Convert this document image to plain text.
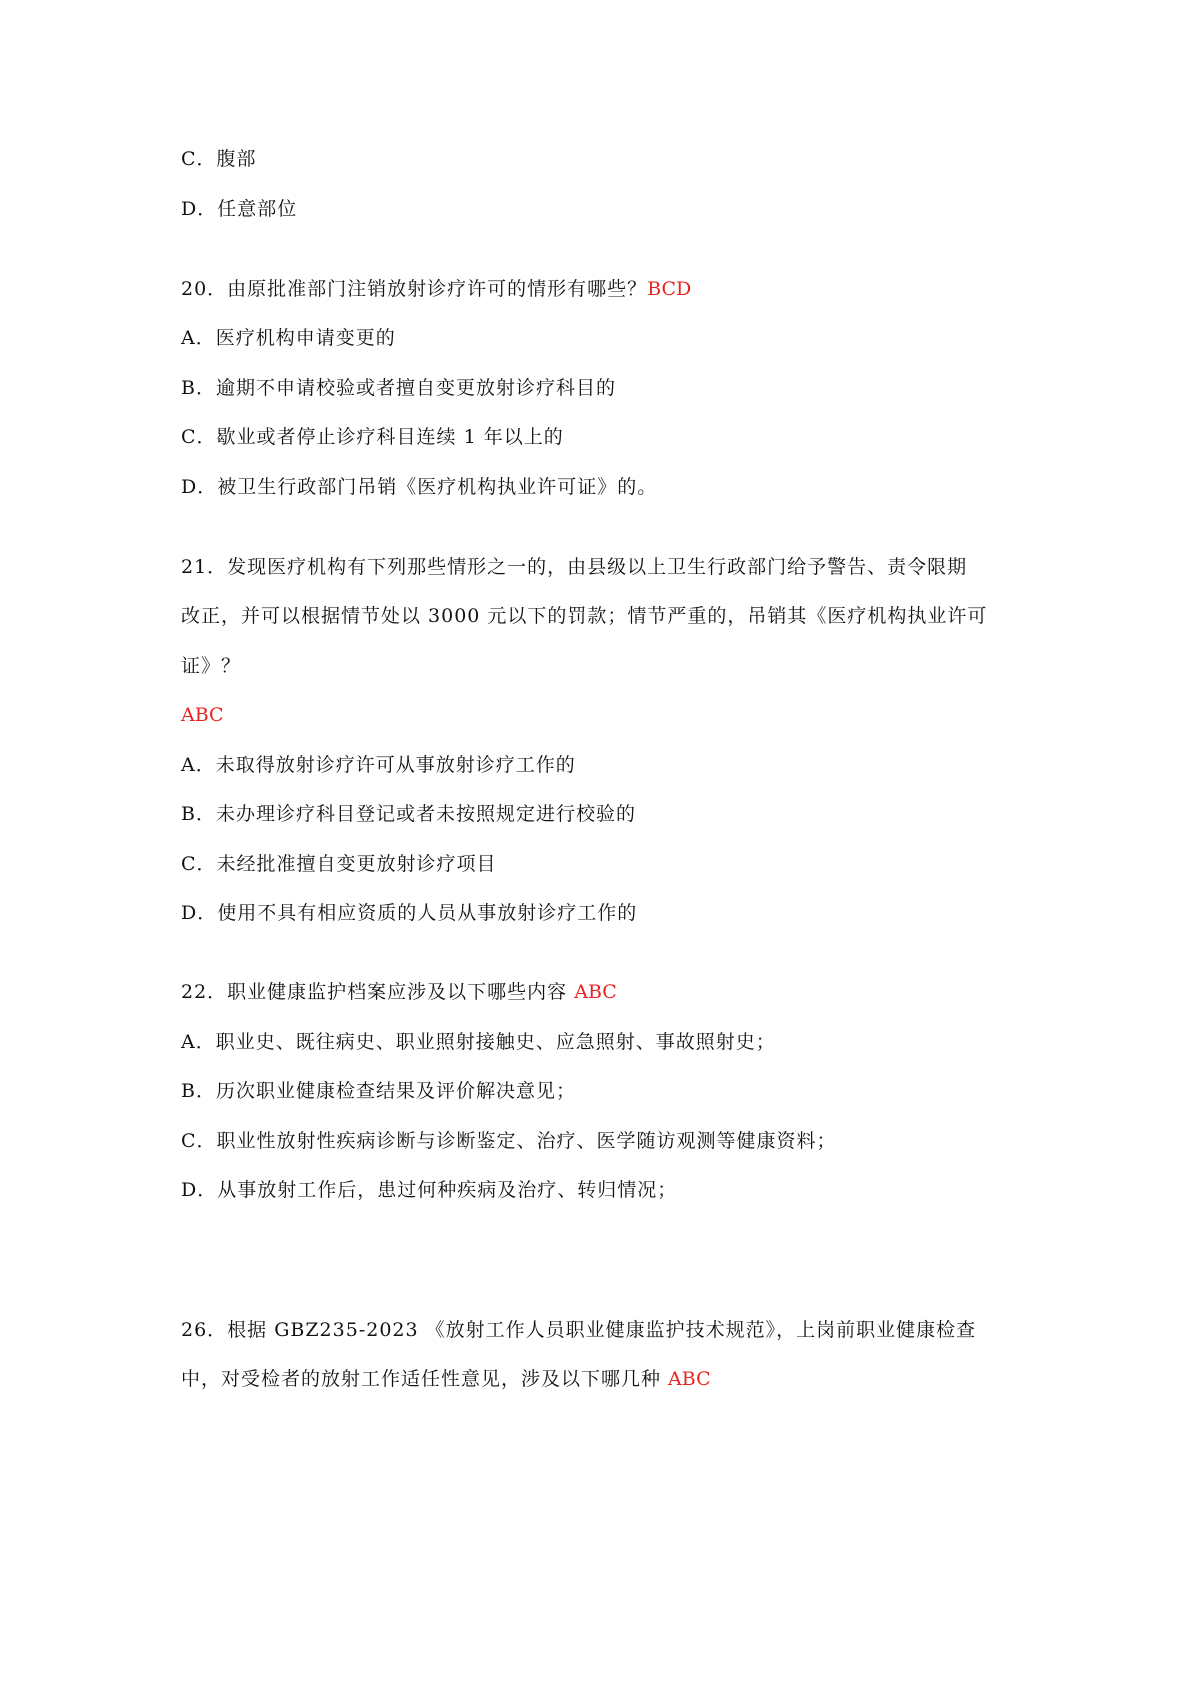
C．腹部
D．任意部位
20．由原批准部门注销放射诊疗许可的情形有哪些？BCD
A．医疗机构申请变更的
B．逾期不申请校验或者擅自变更放射诊疗科目的
C．歇业或者停止诊疗科目连续 1 年以上的
D．被卫生行政部门吊销《医疗机构执业许可证》的。
21．发现医疗机构有下列那些情形之一的，由县级以上卫生行政部门给予警告、责令限期
改正，并可以根据情节处以 3000 元以下的罚款；情节严重的，吊销其《医疗机构执业许可
证》？
ABC
A．未取得放射诊疗许可从事放射诊疗工作的
B．未办理诊疗科目登记或者未按照规定进行校验的
C．未经批准擅自变更放射诊疗项目
D．使用不具有相应资质的人员从事放射诊疗工作的
22．职业健康监护档案应涉及以下哪些内容 ABC
A．职业史、既往病史、职业照射接触史、应急照射、事故照射史；
B．历次职业健康检查结果及评价解决意见；
C．职业性放射性疾病诊断与诊断鉴定、治疗、医学随访观测等健康资料；
D．从事放射工作后，患过何种疾病及治疗、转归情况；
26．根据 GBZ235-2023 《放射工作人员职业健康监护技术规范》，上岗前职业健康检查
中，对受检者的放射工作适任性意见，涉及以下哪几种 ABC
